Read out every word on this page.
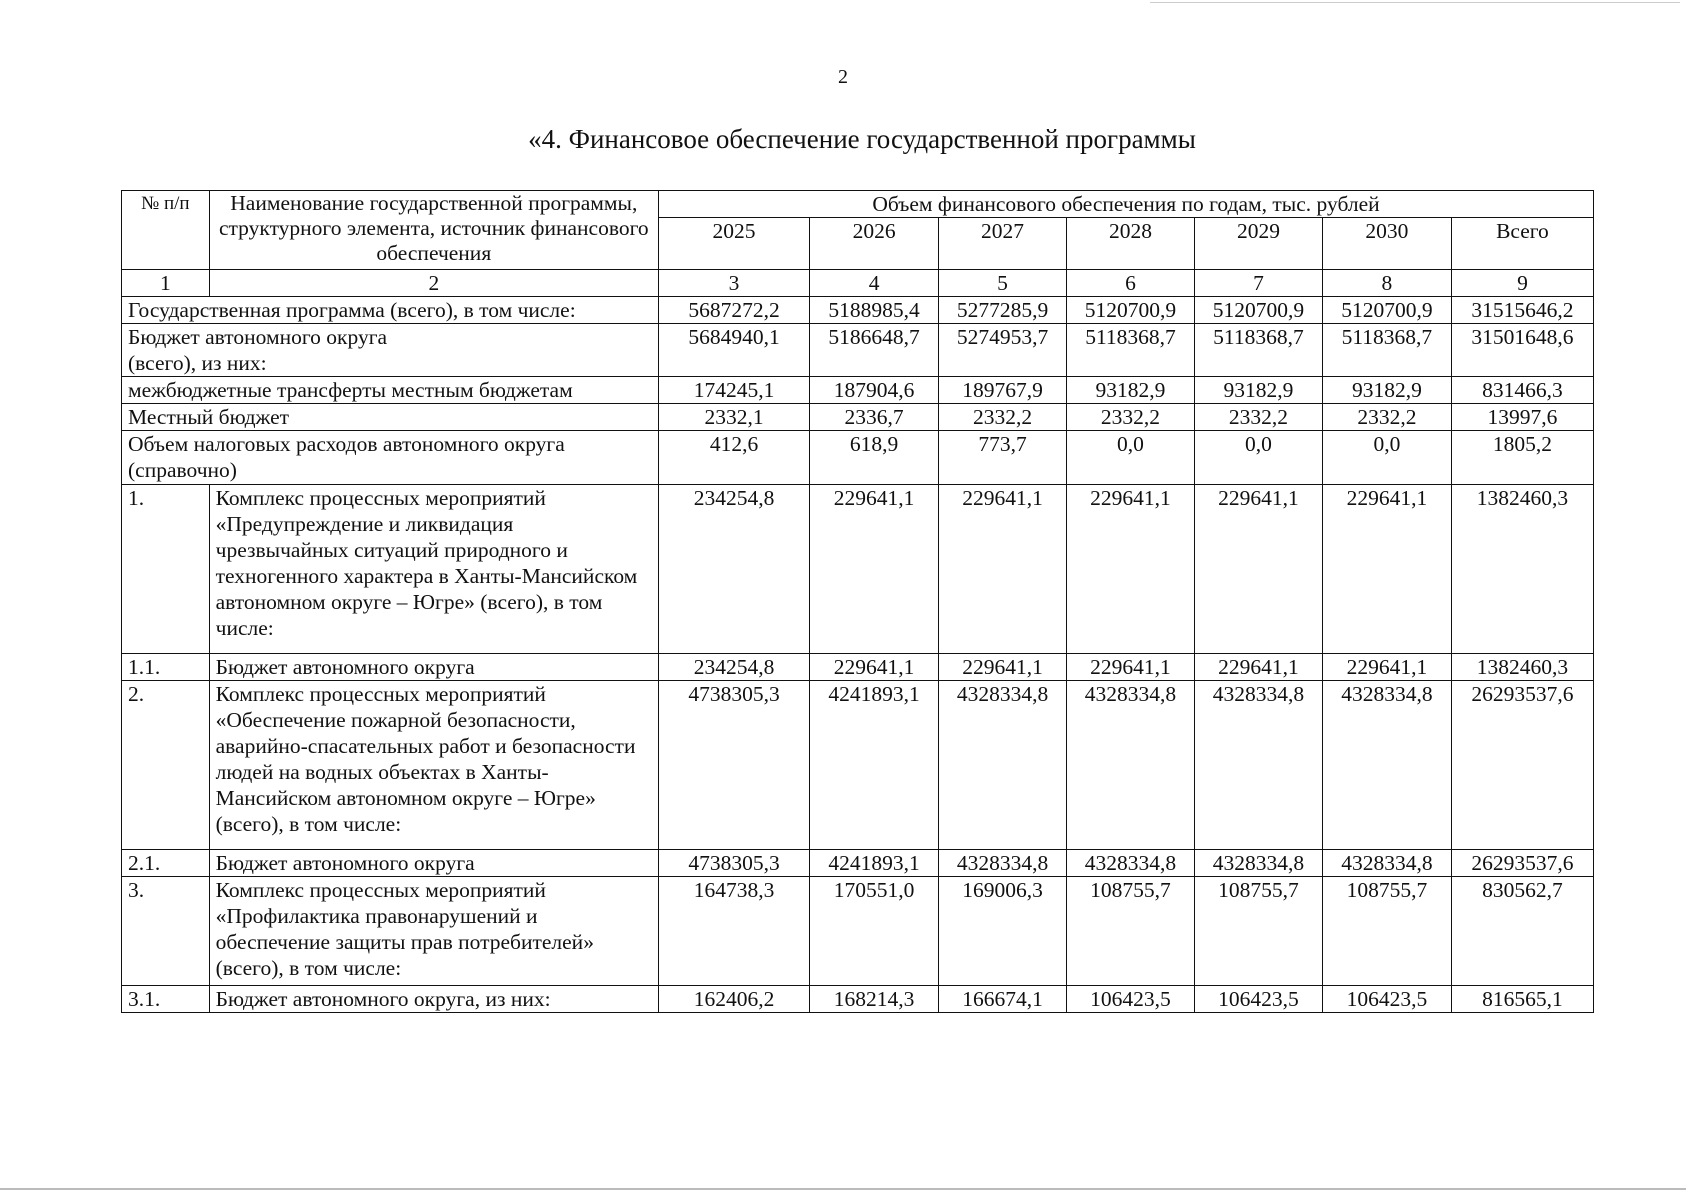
2
«4. Финансовое обеспечение государственной программы
№ п/п	Наименование государственной программы, структурного элемента, источник финансового обеспечения	Объем финансового обеспечения по годам, тыс. рублей						
		2025	2026	2027	2028	2029	2030	Всего
1	2	3	4	5	6	7	8	9
Государственная программа (всего), в том числе:		5687272,2	5188985,4	5277285,9	5120700,9	5120700,9	5120700,9	31515646,2
Бюджет автономного округа (всего), из них:		5684940,1	5186648,7	5274953,7	5118368,7	5118368,7	5118368,7	31501648,6
межбюджетные трансферты местным бюджетам		174245,1	187904,6	189767,9	93182,9	93182,9	93182,9	831466,3
Местный бюджет		2332,1	2336,7	2332,2	2332,2	2332,2	2332,2	13997,6
Объем налоговых расходов автономного округа (справочно)		412,6	618,9	773,7	0,0	0,0	0,0	1805,2
1.	Комплекс процессных мероприятий «Предупреждение и ликвидация чрезвычайных ситуаций природного и техногенного характера в Ханты-Мансийском автономном округе – Югре» (всего), в том числе:	234254,8	229641,1	229641,1	229641,1	229641,1	229641,1	1382460,3
1.1.	Бюджет автономного округа	234254,8	229641,1	229641,1	229641,1	229641,1	229641,1	1382460,3
2.	Комплекс процессных мероприятий «Обеспечение пожарной безопасности, аварийно-спасательных работ и безопасности людей на водных объектах в Ханты-Мансийском автономном округе – Югре» (всего), в том числе:	4738305,3	4241893,1	4328334,8	4328334,8	4328334,8	4328334,8	26293537,6
2.1.	Бюджет автономного округа	4738305,3	4241893,1	4328334,8	4328334,8	4328334,8	4328334,8	26293537,6
3.	Комплекс процессных мероприятий «Профилактика правонарушений и обеспечение защиты прав потребителей» (всего), в том числе:	164738,3	170551,0	169006,3	108755,7	108755,7	108755,7	830562,7
3.1.	Бюджет автономного округа, из них:	162406,2	168214,3	166674,1	106423,5	106423,5	106423,5	816565,1
